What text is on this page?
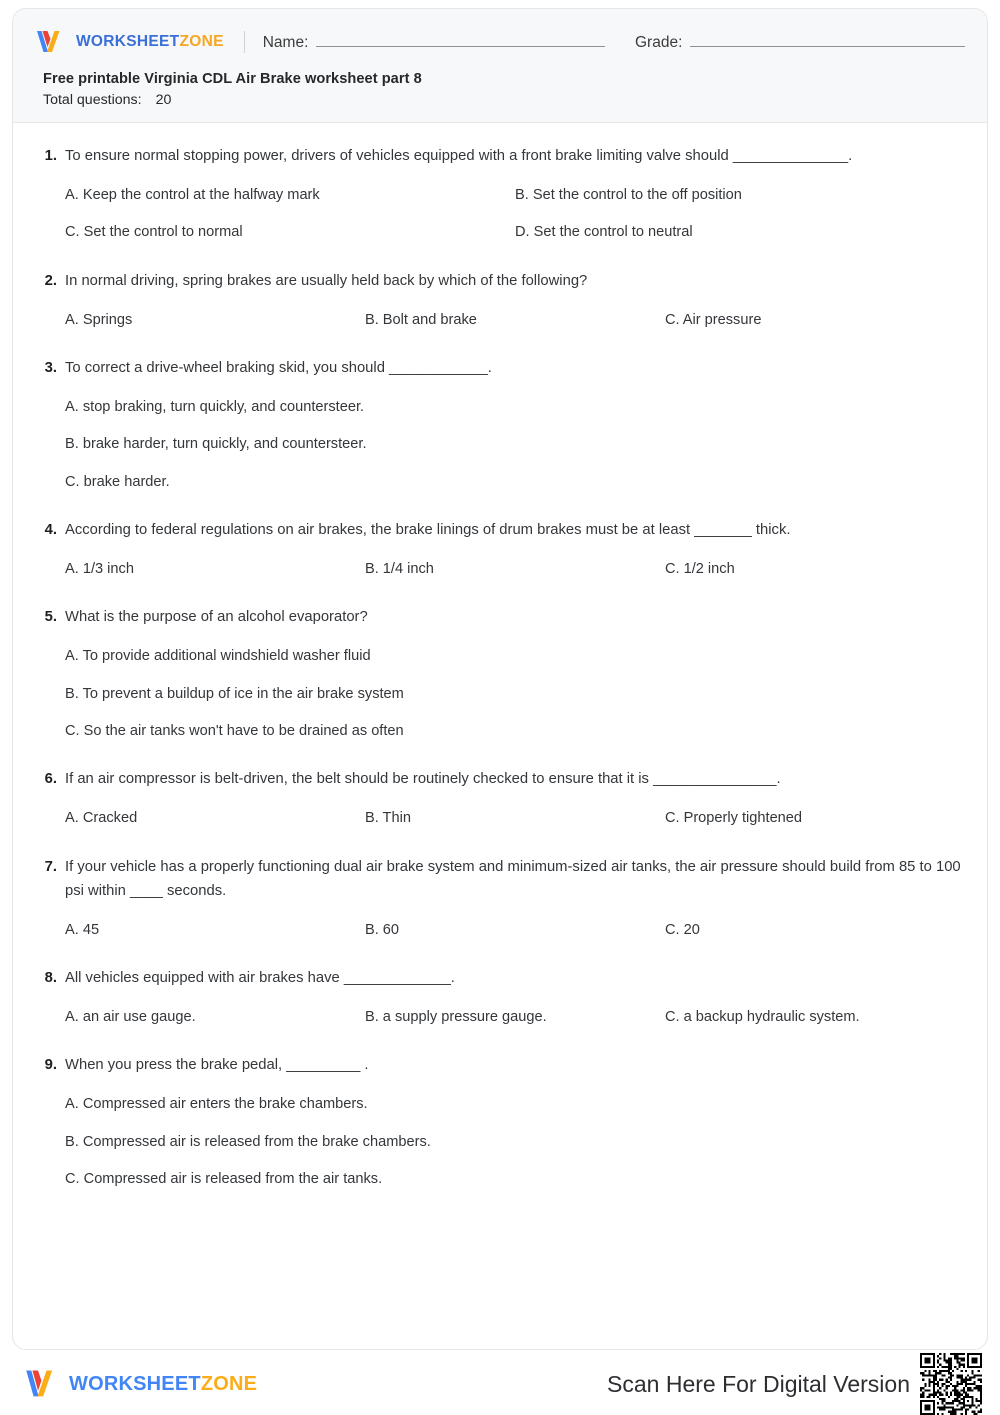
WORKSHEETZONE	Name:	Grade:
Free printable Virginia CDL Air Brake worksheet part 8
Total questions: 20
1. To ensure normal stopping power, drivers of vehicles equipped with a front brake limiting valve should ______________.
A. Keep the control at the halfway mark	B. Set the control to the off position
C. Set the control to normal	D. Set the control to neutral
2. In normal driving, spring brakes are usually held back by which of the following?
A. Springs	B. Bolt and brake	C. Air pressure
3. To correct a drive-wheel braking skid, you should ____________.
A. stop braking, turn quickly, and countersteer.
B. brake harder, turn quickly, and countersteer.
C. brake harder.
4. According to federal regulations on air brakes, the brake linings of drum brakes must be at least _______ thick.
A. 1/3 inch	B. 1/4 inch	C. 1/2 inch
5. What is the purpose of an alcohol evaporator?
A. To provide additional windshield washer fluid
B. To prevent a buildup of ice in the air brake system
C. So the air tanks won't have to be drained as often
6. If an air compressor is belt-driven, the belt should be routinely checked to ensure that it is _______________.
A. Cracked	B. Thin	C. Properly tightened
7. If your vehicle has a properly functioning dual air brake system and minimum-sized air tanks, the air pressure should build from 85 to 100 psi within ____ seconds.
A. 45	B. 60	C. 20
8. All vehicles equipped with air brakes have _____________.
A. an air use gauge.	B. a supply pressure gauge.	C. a backup hydraulic system.
9. When you press the brake pedal, _________ .
A. Compressed air enters the brake chambers.
B. Compressed air is released from the brake chambers.
C. Compressed air is released from the air tanks.
WORKSHEETZONE	Scan Here For Digital Version
